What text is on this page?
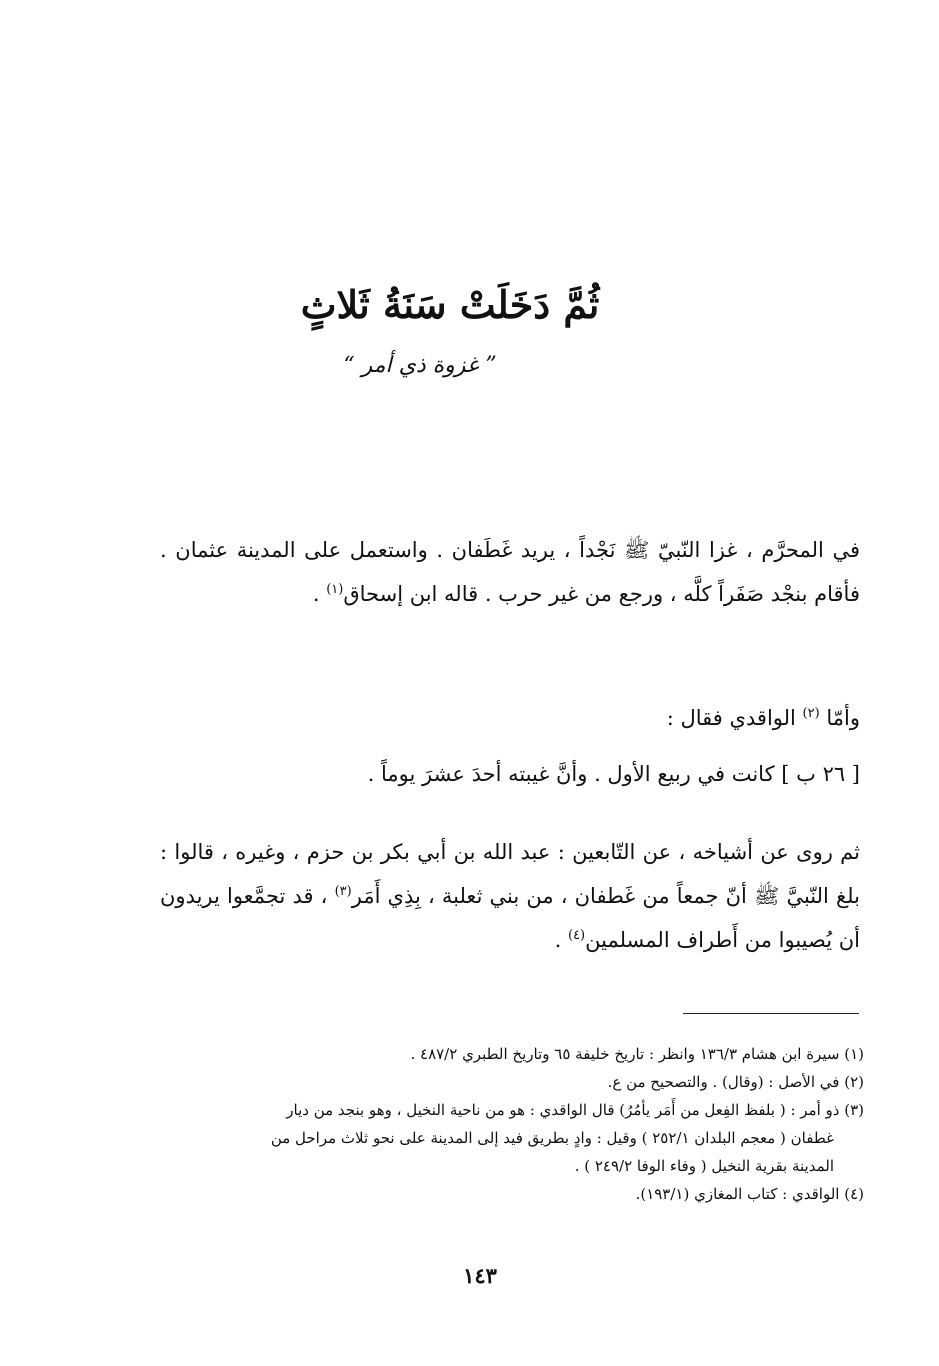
ثُمَّ دَخَلَتْ سَنَةُ ثَلاثٍ
” غزوة ذي أمر “
في المحرَّم ، غزا النّبيّ ﷺ نَجْداً ، يريد غَطَفان . واستعمل على المدينة عثمان . فأقام بنجْد صَفَراً كلَّه ، ورجع من غير حرب . قاله ابن إسحاق$^{(١)}$ .
وأمّا $^{(٢)}$ الواقدي فقال :
[ ٢٦ ب ] كانت في ربيع الأول . وأنَّ غيبته أحدَ عشرَ يوماً .
ثم روى عن أشياخه ، عن التّابعين : عبد الله بن أبي بكر بن حزم ، وغيره ، قالوا : بلغ النّبيَّ ﷺ أنّ جمعاً من غَطفان ، من بني ثعلبة ، بِذِي أَمَر$^{(٣)}$ ، قد تجمَّعوا يريدون أن يُصيبوا من أَطراف المسلمين$^{(٤)}$ .

(١) سيرة ابن هشام ١٣٦/٣ وانظر : تاريخ خليفة ٦٥ وتاريخ الطبري ٤٨٧/٢ .

(٢) في الأصل : (وقال) . والتصحيح من ع.

(٣) ذو أمر : ( بلفظ الفِعل من أَمَر يأمُرُ) قال الواقدي : هو من ناحية النخيل ، وهو بنجد من ديار

غطفان ( معجم البلدان ٢٥٢/١ ) وقيل : وادٍ بطريق فيد إلى المدينة على نحو ثلاث مراحل من

المدينة بقرية النخيل ( وفاء الوفا ٢٤٩/٢ ) .

(٤) الواقدي : كتاب المغازي (١٩٣/١).

١٤٣
